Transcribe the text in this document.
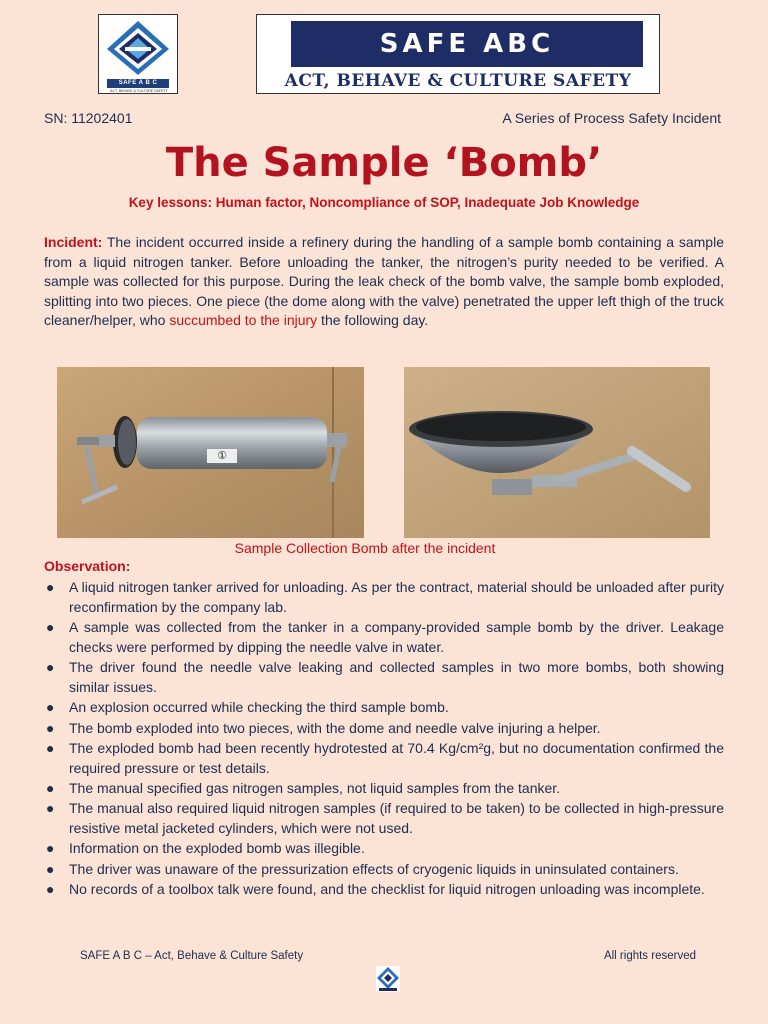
SAFE A B C
ACT, BEHAVE & CULTURE SAFETY
SAFE ABC
ACT, BEHAVE & CULTURE SAFETY
SN: 11202401	A Series of Process Safety Incident
The Sample ‘Bomb’
Key lessons: Human factor, Noncompliance of SOP, Inadequate Job Knowledge
Incident: The incident occurred inside a refinery during the handling of a sample bomb containing a sample from a liquid nitrogen tanker. Before unloading the tanker, the nitrogen’s purity needed to be verified. A sample was collected for this purpose. During the leak check of the bomb valve, the sample bomb exploded, splitting into two pieces. One piece (the dome along with the valve) penetrated the upper left thigh of the truck cleaner/helper, who succumbed to the injury the following day.
①
Sample Collection Bomb after the incident
Observation:
● A liquid nitrogen tanker arrived for unloading. As per the contract, material should be unloaded after purity reconfirmation by the company lab.
● A sample was collected from the tanker in a company-provided sample bomb by the driver. Leakage checks were performed by dipping the needle valve in water.
● The driver found the needle valve leaking and collected samples in two more bombs, both showing similar issues.
● An explosion occurred while checking the third sample bomb.
● The bomb exploded into two pieces, with the dome and needle valve injuring a helper.
● The exploded bomb had been recently hydrotested at 70.4 Kg/cm²g, but no documentation confirmed the required pressure or test details.
● The manual specified gas nitrogen samples, not liquid samples from the tanker.
● The manual also required liquid nitrogen samples (if required to be taken) to be collected in high-pressure resistive metal jacketed cylinders, which were not used.
● Information on the exploded bomb was illegible.
● The driver was unaware of the pressurization effects of cryogenic liquids in uninsulated containers.
● No records of a toolbox talk were found, and the checklist for liquid nitrogen unloading was incomplete.
SAFE A B C – Act, Behave & Culture Safety	All rights reserved
